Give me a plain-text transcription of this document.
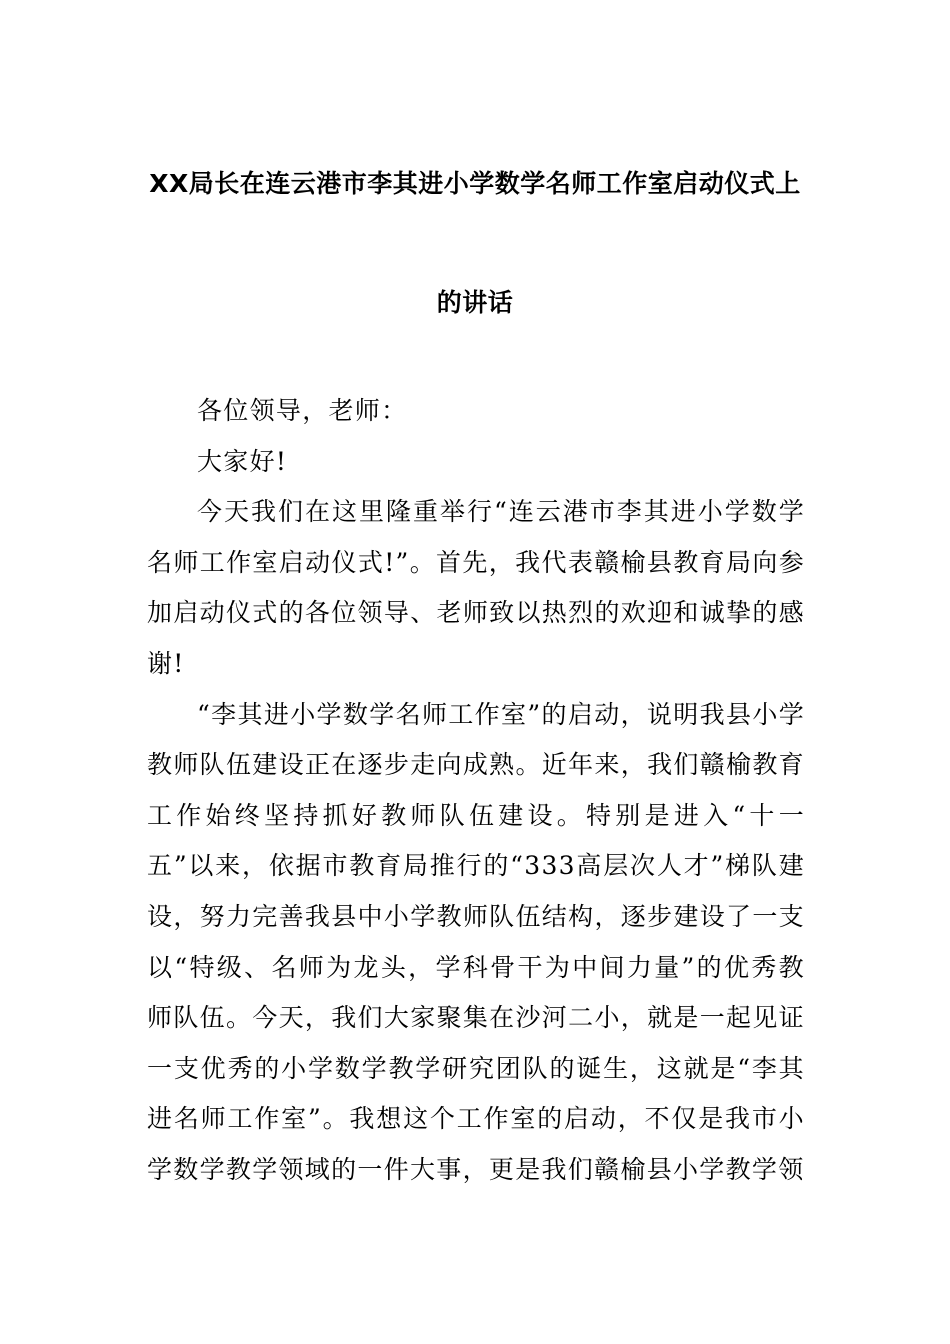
XX局长在连云港市李其进小学数学名师工作室启动仪式上
的讲话

各位领导，老师：

大家好!

今天我们在这里隆重举行“连云港市李其进小学数学名师工作室启动仪式!”。首先，我代表赣榆县教育局向参加启动仪式的各位领导、老师致以热烈的欢迎和诚挚的感谢!

“李其进小学数学名师工作室”的启动，说明我县小学教师队伍建设正在逐步走向成熟。近年来，我们赣榆教育工作始终坚持抓好教师队伍建设。特别是进入“十一五”以来，依据市教育局推行的“333高层次人才”梯队建设，努力完善我县中小学教师队伍结构，逐步建设了一支以“特级、名师为龙头，学科骨干为中间力量”的优秀教师队伍。今天，我们大家聚集在沙河二小，就是一起见证一支优秀的小学数学教学研究团队的诞生，这就是“李其进名师工作室”。我想这个工作室的启动，不仅是我市小学数学教学领域的一件大事，更是我们赣榆县小学教学领
